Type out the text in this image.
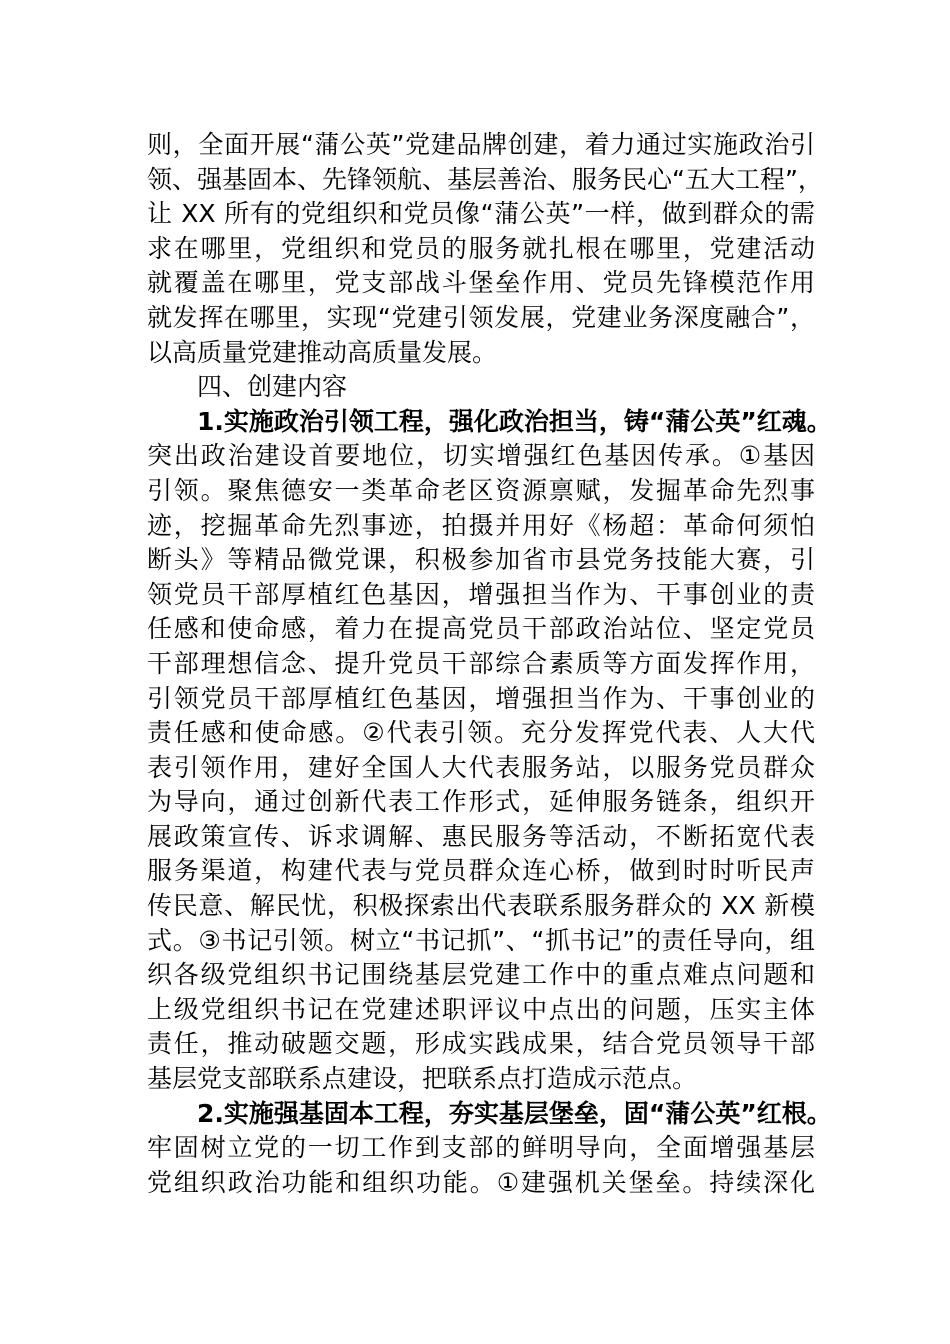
则，全面开展“蒲公英”党建品牌创建，着力通过实施政治引
领、强基固本、先锋领航、基层善治、服务民心“五大工程”，
让 XX 所有的党组织和党员像“蒲公英”一样，做到群众的需
求在哪里，党组织和党员的服务就扎根在哪里，党建活动
就覆盖在哪里，党支部战斗堡垒作用、党员先锋模范作用
就发挥在哪里，实现“党建引领发展，党建业务深度融合”，
以高质量党建推动高质量发展。
四、创建内容
1.实施政治引领工程，强化政治担当，铸“蒲公英”红魂。
突出政治建设首要地位，切实增强红色基因传承。①基因
引领。聚焦德安一类革命老区资源禀赋，发掘革命先烈事
迹，挖掘革命先烈事迹，拍摄并用好《杨超：革命何须怕
断头》等精品微党课，积极参加省市县党务技能大赛，引
领党员干部厚植红色基因，增强担当作为、干事创业的责
任感和使命感，着力在提高党员干部政治站位、坚定党员
干部理想信念、提升党员干部综合素质等方面发挥作用，
引领党员干部厚植红色基因，增强担当作为、干事创业的
责任感和使命感。②代表引领。充分发挥党代表、人大代
表引领作用，建好全国人大代表服务站，以服务党员群众
为导向，通过创新代表工作形式，延伸服务链条，组织开
展政策宣传、诉求调解、惠民服务等活动，不断拓宽代表
服务渠道，构建代表与党员群众连心桥，做到时时听民声
传民意、解民忧，积极探索出代表联系服务群众的 XX 新模
式。③书记引领。树立“书记抓”、“抓书记”的责任导向，组
织各级党组织书记围绕基层党建工作中的重点难点问题和
上级党组织书记在党建述职评议中点出的问题，压实主体
责任，推动破题交题，形成实践成果，结合党员领导干部
基层党支部联系点建设，把联系点打造成示范点。
2.实施强基固本工程，夯实基层堡垒，固“蒲公英”红根。
牢固树立党的一切工作到支部的鲜明导向，全面增强基层
党组织政治功能和组织功能。①建强机关堡垒。持续深化
